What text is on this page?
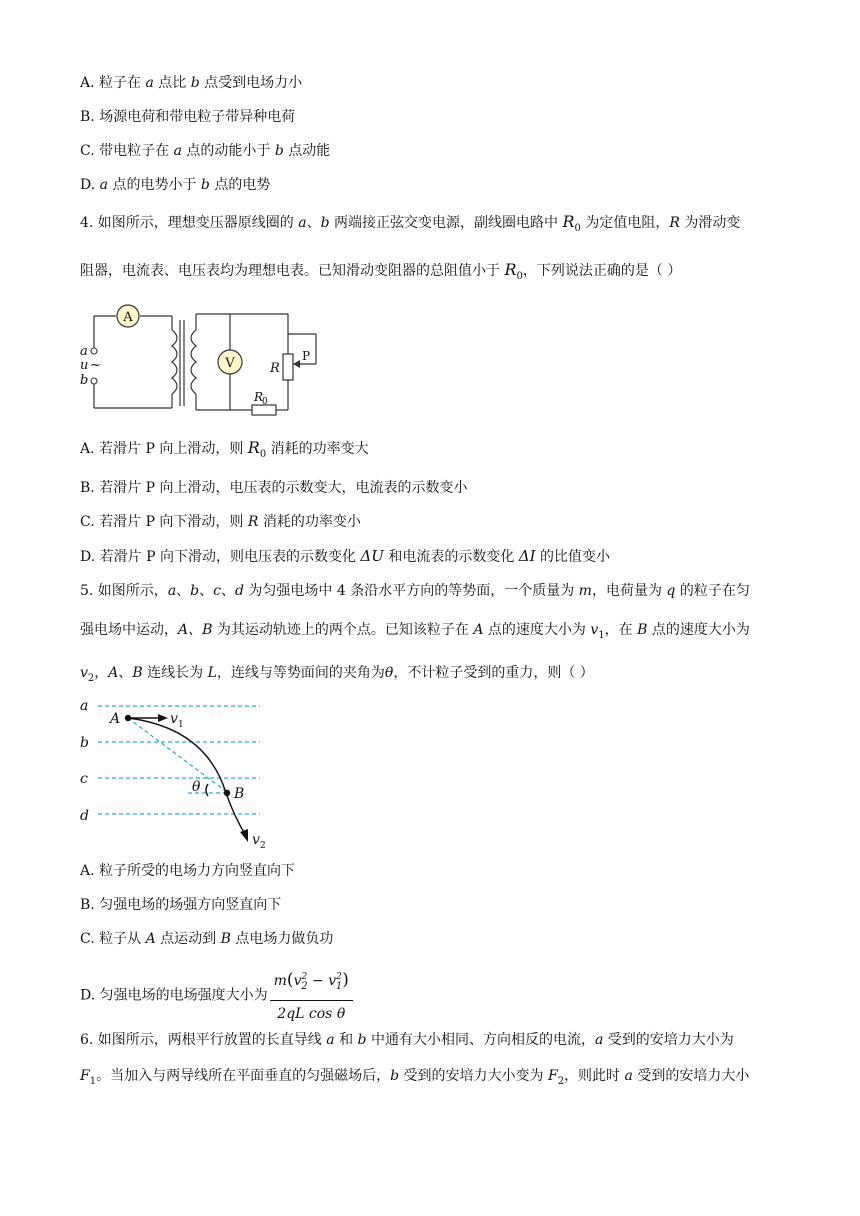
A. 粒子在 a 点比 b 点受到电场力小
B. 场源电荷和带电粒子带异种电荷
C. 带电粒子在 a 点的动能小于 b 点动能
D. a 点的电势小于 b 点的电势
4. 如图所示，理想变压器原线圈的 a、b 两端接正弦交变电源，副线圈电路中 $R_0$ 为定值电阻，R 为滑动变
阻器，电流表、电压表均为理想电表。已知滑动变阻器的总阻值小于 $R_0$，下列说法正确的是（ ）
A
V
a
u ~
b
R
P
R
0
A. 若滑片 P 向上滑动，则 $R_0$ 消耗的功率变大
B. 若滑片 P 向上滑动，电压表的示数变大，电流表的示数变小
C. 若滑片 P 向下滑动，则 R 消耗的功率变小
D. 若滑片 P 向下滑动，则电压表的示数变化 ΔU 和电流表的示数变化 ΔI 的比值变小
5. 如图所示，a、b、c、d 为匀强电场中 4 条沿水平方向的等势面，一个质量为 m，电荷量为 q 的粒子在匀
强电场中运动，A、B 为其运动轨迹上的两个点。已知该粒子在 A 点的速度大小为 $v_1$，在 B 点的速度大小为
$v_2$，A、B 连线长为 L，连线与等势面间的夹角为θ，不计粒子受到的重力，则（ ）
a
b
c
d
A
B
v 1
v 2
θ
A. 粒子所受的电场力方向竖直向下
B. 匀强电场的场强方向竖直向下
C. 粒子从 A 点运动到 B 点电场力做负功
D. 匀强电场的电场强度大小为 $\frac{m(v^2_2 - v^2_1)}{\text{2qL cos θ}}$
6. 如图所示，两根平行放置的长直导线 a 和 b 中通有大小相同、方向相反的电流，a 受到的安培力大小为
$F_1$。当加入与两导线所在平面垂直的匀强磁场后，b 受到的安培力大小变为 $F_2$，则此时 a 受到的安培力大小
